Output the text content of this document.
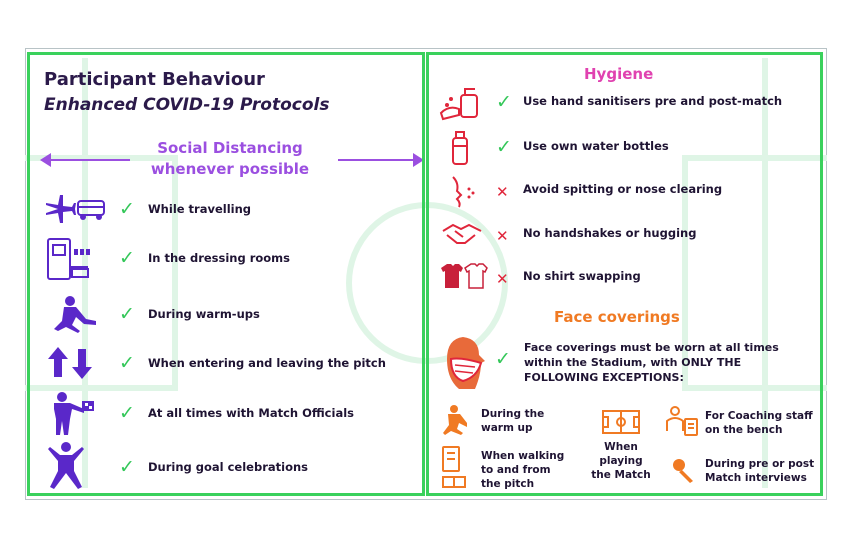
Participant Behaviour
Enhanced COVID-19 Protocols
Social Distancing
whenever possible
✓ While travelling
✓ In the dressing rooms
✓ During warm-ups
✓ When entering and leaving the pitch
✓ At all times with Match Officials
✓ During goal celebrations
Hygiene
✓ Use hand sanitisers pre and post-match
✓ Use own water bottles
✕ Avoid spitting or nose clearing
✕ No handshakes or hugging
✕ No shirt swapping
Face coverings
✓
Face coverings must be worn at all times
within the Stadium, with ONLY THE
FOLLOWING EXCEPTIONS:
During the
warm up
When playing
the Match
For Coaching staff
on the bench
When walking
to and from
the pitch
During pre or post
Match interviews
